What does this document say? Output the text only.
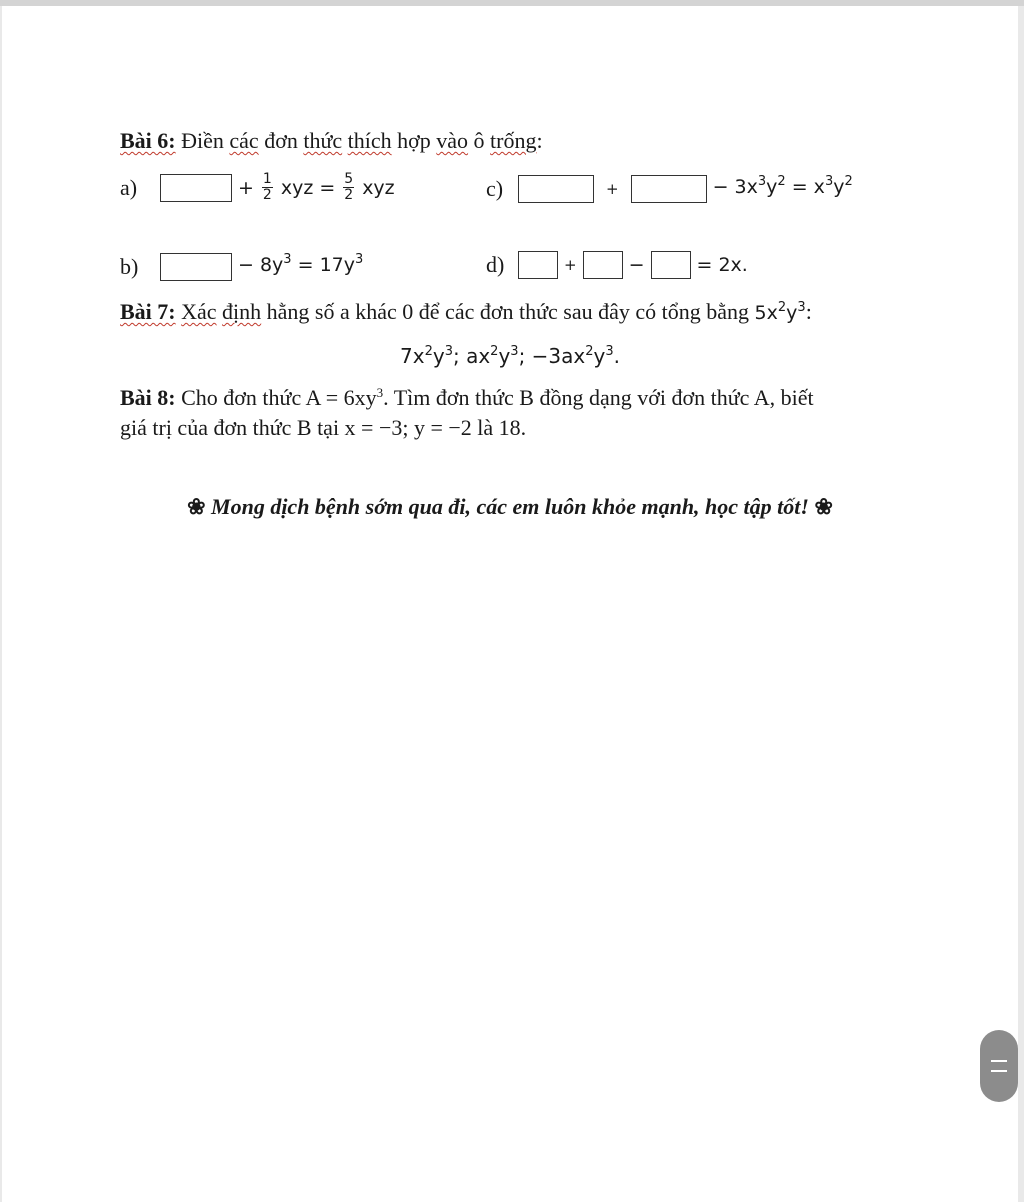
Bài 6: Điền các đơn thức thích hợp vào ô trống:
a)	+ $\frac{1}{2}$ xyz = $\frac{5}{2}$ xyz	c)	+	− $3x^3y^2 = x^3y^2$
b)	− $8y^3 = 17y^3$	d)	+	−	= 2x.
Bài 7: Xác định hằng số a khác 0 để các đơn thức sau đây có tổng bằng $5x^2y^3$:
$7x^2y^3$; $ax^2y^3$; $-3ax^2y^3$.
Bài 8: Cho đơn thức $A = 6xy^3$. Tìm đơn thức B đồng dạng với đơn thức A, biết
giá trị của đơn thức B tại x = −3; y = −2 là 18.
❀ Mong dịch bệnh sớm qua đi, các em luôn khỏe mạnh, học tập tốt! ❀
